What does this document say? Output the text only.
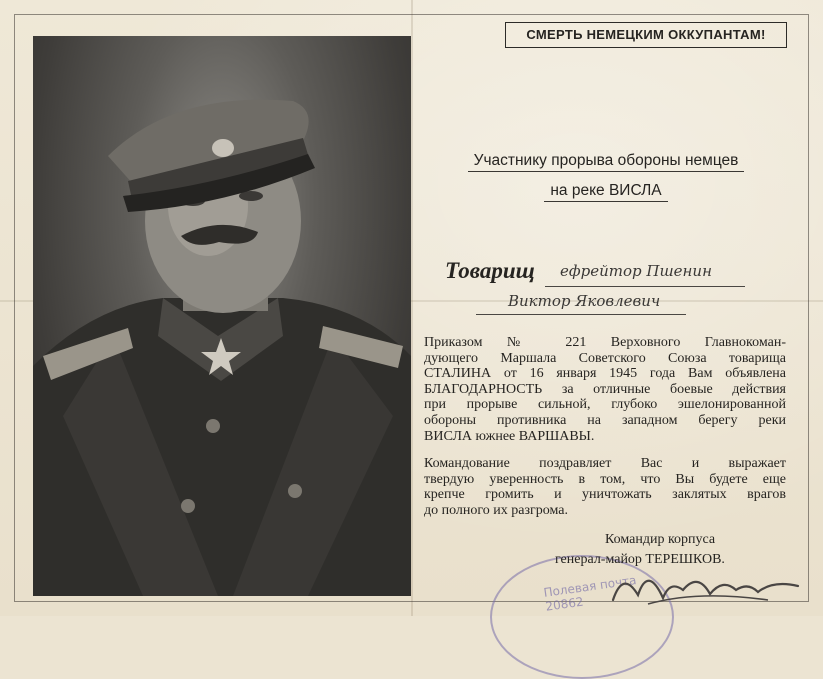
СМЕРТЬ НЕМЕЦКИМ ОККУПАНТАМ!
Участнику прорыва обороны немцев
на реке ВИСЛА
Товарищ ефрейтор Пшенин
Виктор Яковлевич
Приказом № 221 Верховного Главнокоман-
дующего Маршала Советского Союза товарища
СТАЛИНА от 16 января 1945 года Вам объявлена
БЛАГОДАРНОСТЬ за отличные боевые действия
при прорыве сильной, глубоко эшелонированной
обороны противника на западном берегу реки
ВИСЛА южнее ВАРШАВЫ.
Командование поздравляет Вас и выражает
твердую уверенность в том, что Вы будете еще
крепче громить и уничтожать заклятых врагов
до полного их разгрома.
Полевая почта 20862
Командир корпуса
генерал-майор ТЕРЕШКОВ.
